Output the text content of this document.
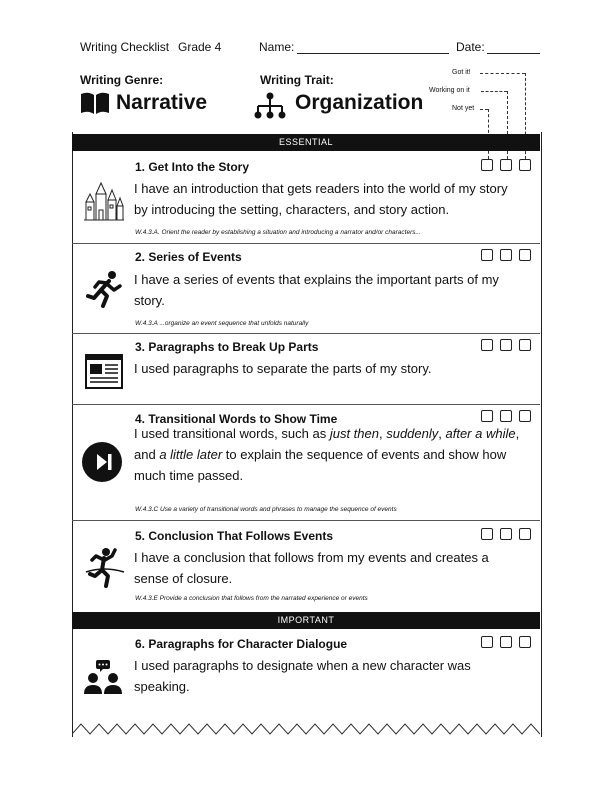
Writing Checklist Grade 4	Name:	Date:
Writing Genre:
Narrative
Writing Trait:
Organization
Got it!
Working on it
Not yet
ESSENTIAL
1. Get Into the Story
I have an introduction that gets readers into the world of my story by introducing the setting, characters, and story action.
W.4.3.A. Orient the reader by establishing a situation and introducing a narrator and/or characters...
2. Series of Events
I have a series of events that explains the important parts of my story.
W.4.3.A ...organize an event sequence that unfolds naturally
3. Paragraphs to Break Up Parts
I used paragraphs to separate the parts of my story.
4. Transitional Words to Show Time
I used transitional words, such as just then, suddenly, after a while, and a little later to explain the sequence of events and show how much time passed.
W.4.3.C Use a variety of transitional words and phrases to manage the sequence of events
5. Conclusion That Follows Events
I have a conclusion that follows from my events and creates a sense of closure.
W.4.3.E Provide a conclusion that follows from the narrated experience or events
IMPORTANT
6. Paragraphs for Character Dialogue
I used paragraphs to designate when a new character was speaking.
